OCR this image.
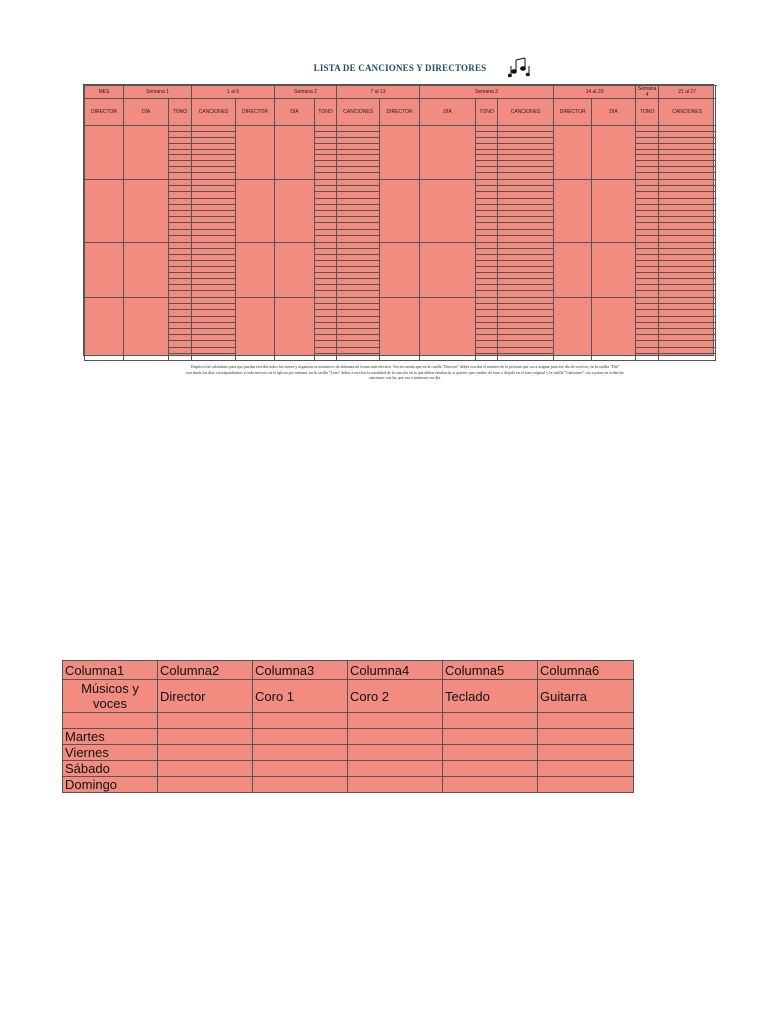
LISTA DE CANCIONES Y DIRECTORES
MES	Semana 1		1 al 6		Semana 2		7 al 13		Semana 3			14 al 20		Semana 4	21 al 27
DIRECTOR	DÍA	TONO	CANCIONES	DIRECTOR	DÍA	TONO	CANCIONES	DIRECTOR	DÍA	TONO	CANCIONES	DIRECTOR	DÍA	TONO	CANCIONES

Duplica este calendario para que puedas escribir todos los meses y organizar tu ministerio de alabanza de forma más efectiva. Ten en cuenta que en la casilla "Director" debes escribir el nombre de la persona que vas a asignar para ese día de servicio, en la casilla "Día" escribirás los días correspondientes a cada servicio en la iglesia por semana, en la casilla "Tono" debes a escribir la tonalidad de la canción en la que deben estudiarla, si quieres que cambio de tono o dejarla en el tono original y la casilla "Canciones" vas a poner en orden las canciones con las que vas a ministrar ese día.
Columna1	Columna2	Columna3	Columna4	Columna5	Columna6
Músicos y voces	Director	Coro 1	Coro 2	Teclado	Guitarra

Martes					
Viernes					
Sábado					
Domingo					
